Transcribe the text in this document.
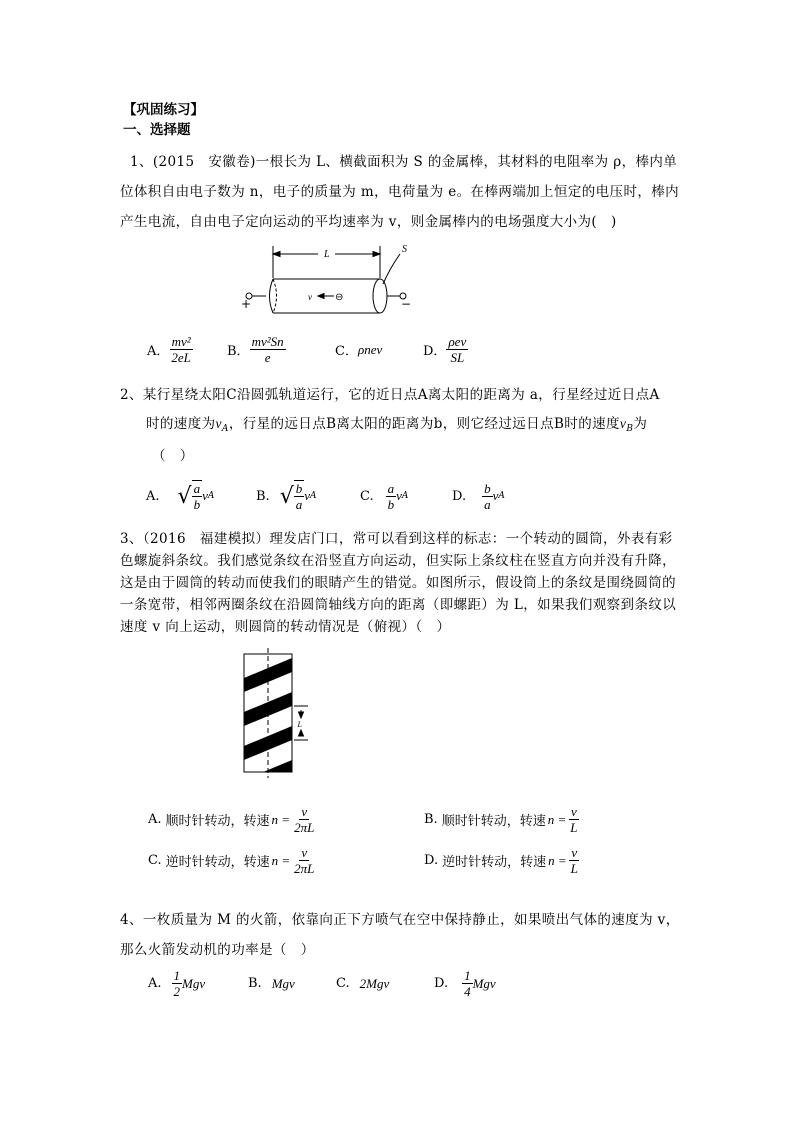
【巩固练习】
一、选择题
1、(2015　安徽卷)一根长为 L、横截面积为 S 的金属棒，其材料的电阻率为 ρ，棒内单
位体积自由电子数为 n，电子的质量为 m，电荷量为 e。在棒两端加上恒定的电压时，棒内
产生电流，自由电子定向运动的平均速率为 v，则金属棒内的电场强度大小为(　)
L	S
v ⊖
+	−
A． $\frac{\text{mv²}}{2eL}$	B． $\frac{\text{mv²Sn}}{e}$	C． ρnev	D． $\frac{\text{ρev}}{SL}$
2、某行星绕太阳C沿圆弧轨道运行，它的近日点A离太阳的距离为 a，行星经过近日点A
时的速度为$v_A$，行星的远日点B离太阳的距离为b，则它经过远日点B时的速度$v_B$为
（　）
A. √ $\frac{a}{b}$ v A	B. √ $\frac{b}{a}$ v A	C. $\frac{a}{b}$ v A	D. $\frac{b}{a}$ v A
3、（2016　福建模拟）理发店门口，常可以看到这样的标志：一个转动的圆筒，外表有彩
色螺旋斜条纹。我们感觉条纹在沿竖直方向运动，但实际上条纹柱在竖直方向并没有升降，
这是由于圆筒的转动而使我们的眼睛产生的错觉。如图所示，假设筒上的条纹是围绕圆筒的
一条宽带，相邻两圈条纹在沿圆筒轴线方向的距离（即螺距）为 L，如果我们观察到条纹以
速度 v 向上运动，则圆筒的转动情况是（俯视）（　）
L
A. 顺时针转动，转速 $n = \frac{v}{2\pi L}$	B. 顺时针转动，转速 $n = \frac{v}{L}$
C. 逆时针转动，转速 $n = \frac{v}{2\pi L}$	D. 逆时针转动，转速 $n = \frac{v}{L}$
4、一枚质量为 M 的火箭，依靠向正下方喷气在空中保持静止，如果喷出气体的速度为 v，
那么火箭发动机的功率是（　）
A. $\frac{1}{2}$ Mgv	B. Mgv	C. 2Mgv	D. $\frac{1}{4}$ Mgv
